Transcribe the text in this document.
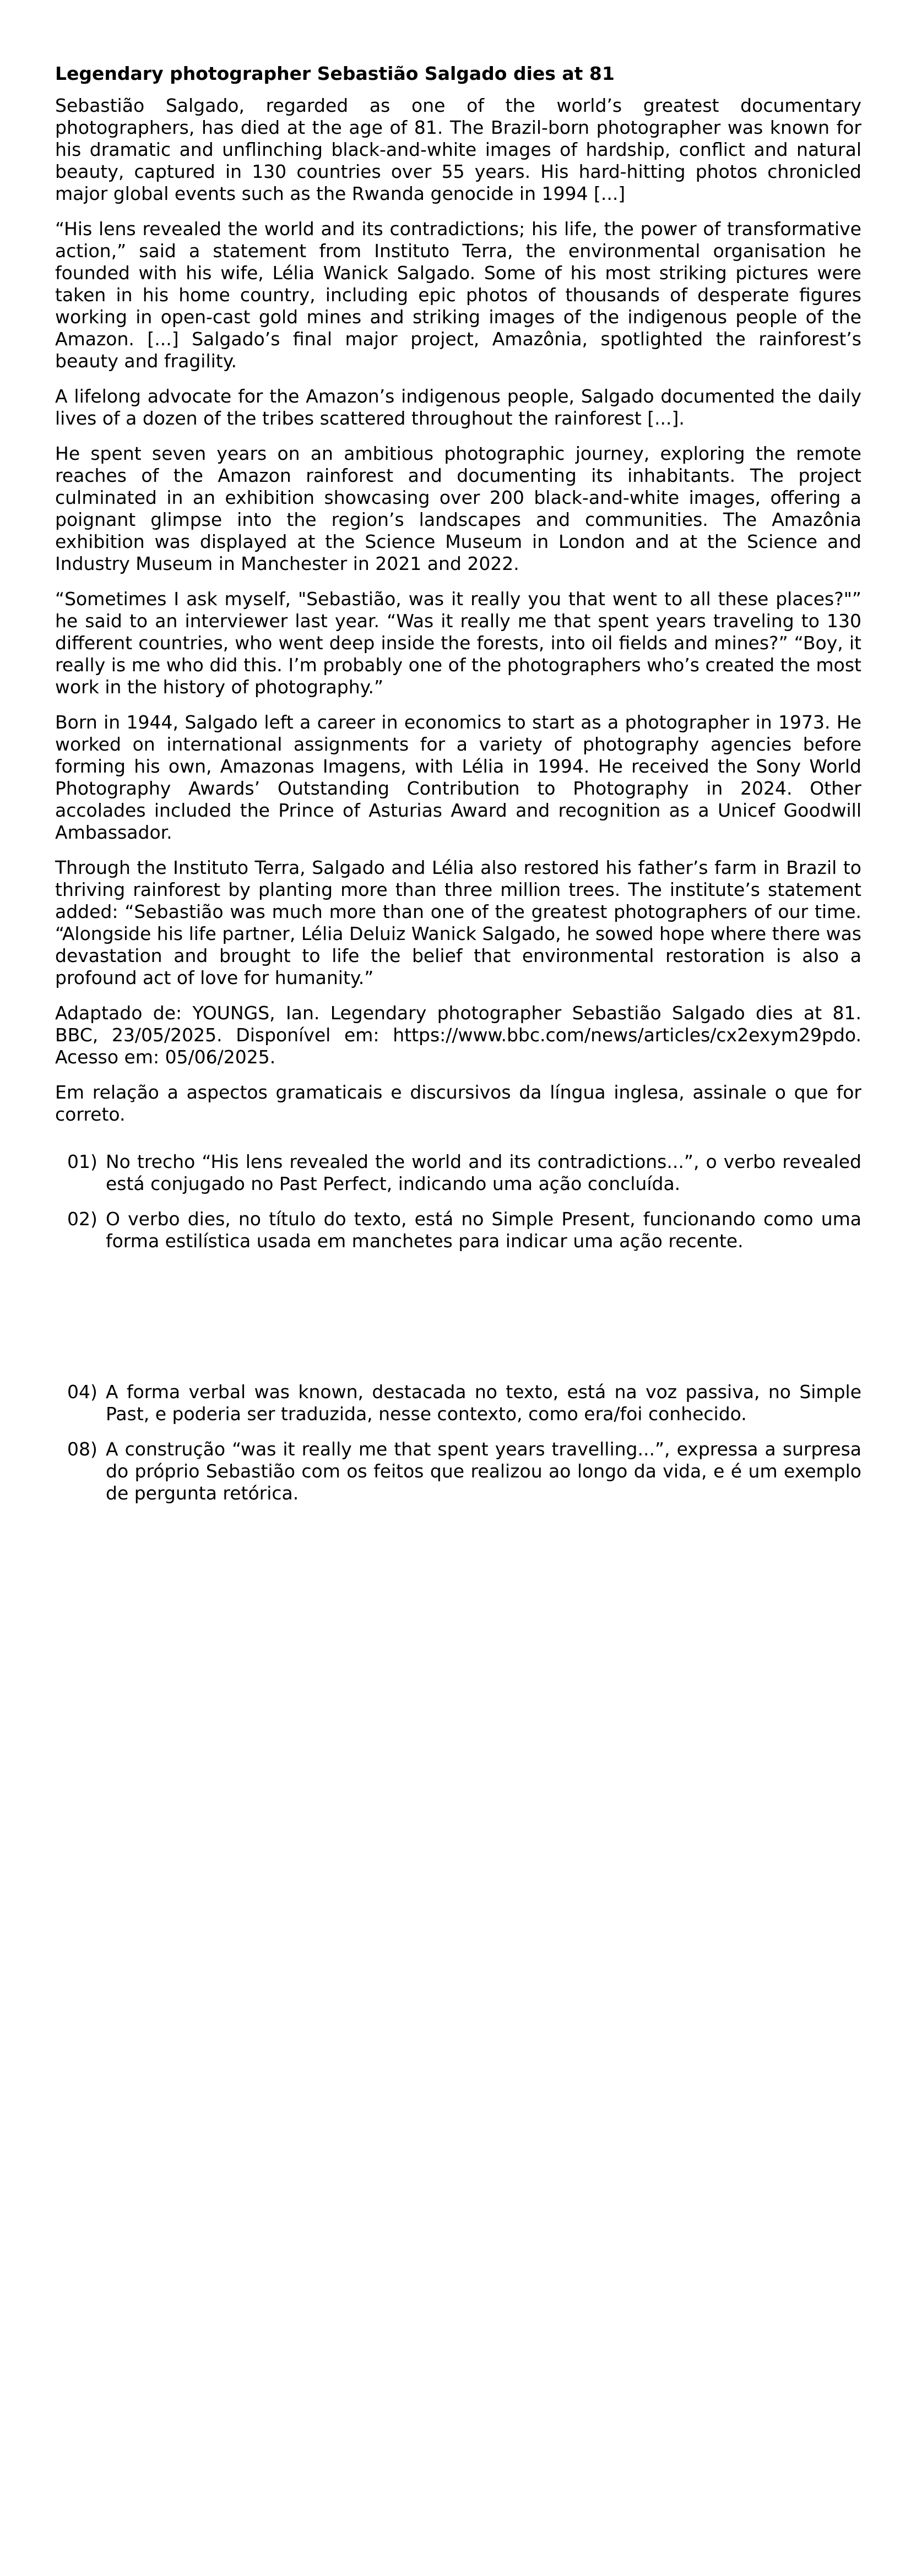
Legendary photographer Sebastião Salgado dies at 81

Sebastião Salgado, regarded as one of the world’s greatest documentary photographers, has died at the age of 81. The Brazil-born photographer was known for his dramatic and unflinching black-and-white images of hardship, conflict and natural beauty, captured in 130 countries over 55 years. His hard-hitting photos chronicled major global events such as the Rwanda genocide in 1994 [...]

“His lens revealed the world and its contradictions; his life, the power of transformative action,” said a statement from Instituto Terra, the environmental organisation he founded with his wife, Lélia Wanick Salgado. Some of his most striking pictures were taken in his home country, including epic photos of thousands of desperate figures working in open-cast gold mines and striking images of the indigenous people of the Amazon. [...] Salgado’s final major project, Amazônia, spotlighted the rainforest’s beauty and fragility.

A lifelong advocate for the Amazon’s indigenous people, Salgado documented the daily lives of a dozen of the tribes scattered throughout the rainforest [...].

He spent seven years on an ambitious photographic journey, exploring the remote reaches of the Amazon rainforest and documenting its inhabitants. The project culminated in an exhibition showcasing over 200 black-and-white images, offering a poignant glimpse into the region’s landscapes and communities. The Amazônia exhibition was displayed at the Science Museum in London and at the Science and Industry Museum in Manchester in 2021 and 2022.

“Sometimes I ask myself, "Sebastião, was it really you that went to all these places?"” he said to an interviewer last year. “Was it really me that spent years traveling to 130 different countries, who went deep inside the forests, into oil fields and mines?” “Boy, it really is me who did this. I’m probably one of the photographers who’s created the most work in the history of photography.”

Born in 1944, Salgado left a career in economics to start as a photographer in 1973. He worked on international assignments for a variety of photography agencies before forming his own, Amazonas Imagens, with Lélia in 1994. He received the Sony World Photography Awards’ Outstanding Contribution to Photography in 2024. Other accolades included the Prince of Asturias Award and recognition as a Unicef Goodwill Ambassador.

Through the Instituto Terra, Salgado and Lélia also restored his father’s farm in Brazil to thriving rainforest by planting more than three million trees. The institute’s statement added: “Sebastião was much more than one of the greatest photographers of our time. “Alongside his life partner, Lélia Deluiz Wanick Salgado, he sowed hope where there was devastation and brought to life the belief that environmental restoration is also a profound act of love for humanity.”

Adaptado de: YOUNGS, Ian. Legendary photographer Sebastião Salgado dies at 81. BBC, 23/05/2025. Disponível em: https://www.bbc.com/news/articles/cx2exym29pdo. Acesso em: 05/06/2025.

Em relação a aspectos gramaticais e discursivos da língua inglesa, assinale o que for correto.

01) No trecho “His lens revealed the world and its contradictions...”, o verbo revealed está conjugado no Past Perfect, indicando uma ação concluída.
02) O verbo dies, no título do texto, está no Simple Present, funcionando como uma forma estilística usada em manchetes para indicar uma ação recente.
04) A forma verbal was known, destacada no texto, está na voz passiva, no Simple Past, e poderia ser traduzida, nesse contexto, como era/foi conhecido.
08) A construção “was it really me that spent years travelling...”, expressa a surpresa do próprio Sebastião com os feitos que realizou ao longo da vida, e é um exemplo de pergunta retórica.
